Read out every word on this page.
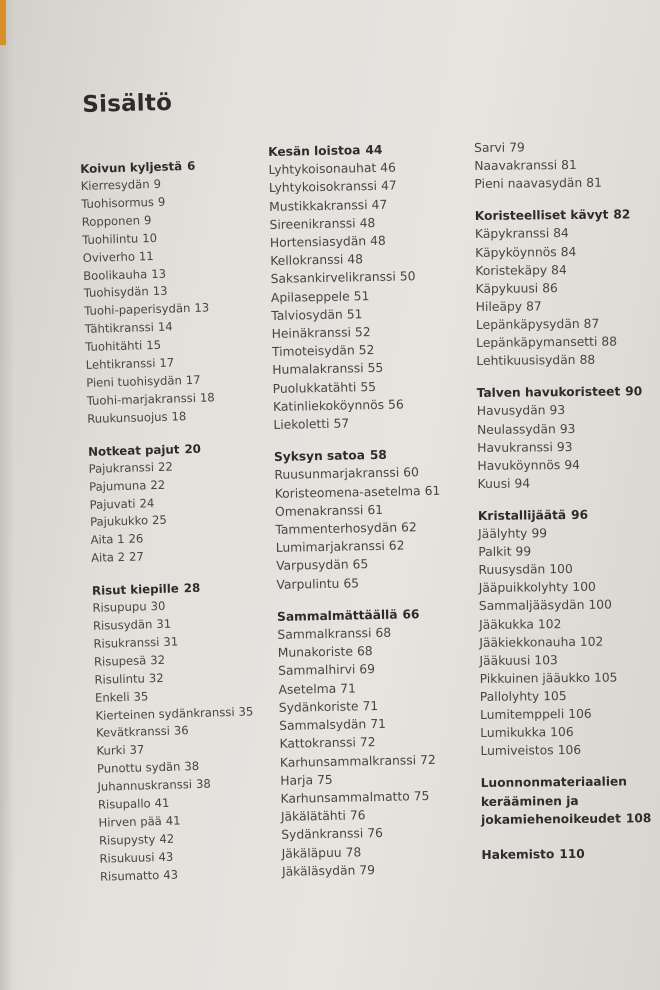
Sisältö
Koivun kyljestä 6
Kierresydän 9
Tuohisormus 9
Ropponen 9
Tuohilintu 10
Oviverho 11
Boolikauha 13
Tuohisydän 13
Tuohi-paperisydän 13
Tähtikranssi 14
Tuohitähti 15
Lehtikranssi 17
Pieni tuohisydän 17
Tuohi-marjakranssi 18
Ruukunsuojus 18
Notkeat pajut 20
Pajukranssi 22
Pajumuna 22
Pajuvati 24
Pajukukko 25
Aita 1 26
Aita 2 27
Risut kiepille 28
Risupupu 30
Risusydän 31
Risukranssi 31
Risupesä 32
Risulintu 32
Enkeli 35
Kierteinen sydänkranssi 35
Kevätkranssi 36
Kurki 37
Punottu sydän 38
Juhannuskranssi 38
Risupallo 41
Hirven pää 41
Risupysty 42
Risukuusi 43
Risumatto 43
Kesän loistoa 44
Lyhtykoisonauhat 46
Lyhtykoisokranssi 47
Mustikkakranssi 47
Sireenikranssi 48
Hortensiasydän 48
Kellokranssi 48
Saksankirvelikranssi 50
Apilaseppele 51
Talviosydän 51
Heinäkranssi 52
Timoteisydän 52
Humalakranssi 55
Puolukkatähti 55
Katinliekoköynnös 56
Liekoletti 57
Syksyn satoa 58
Ruusunmarjakranssi 60
Koristeomena-asetelma 61
Omenakranssi 61
Tammenterhosydän 62
Lumimarjakranssi 62
Varpusydän 65
Varpulintu 65
Sammalmättäällä 66
Sammalkranssi 68
Munakoriste 68
Sammalhirvi 69
Asetelma 71
Sydänkoriste 71
Sammalsydän 71
Kattokranssi 72
Karhunsammalkranssi 72
Harja 75
Karhunsammalmatto 75
Jäkälätähti 76
Sydänkranssi 76
Jäkäläpuu 78
Jäkäläsydän 79
Sarvi 79
Naavakranssi 81
Pieni naavasydän 81
Koristeelliset kävyt 82
Käpykranssi 84
Käpyköynnös 84
Koristekäpy 84
Käpykuusi 86
Hileäpy 87
Lepänkäpysydän 87
Lepänkäpymansetti 88
Lehtikuusisydän 88
Talven havukoristeet 90
Havusydän 93
Neulassydän 93
Havukranssi 93
Havuköynnös 94
Kuusi 94
Kristallijäätä 96
Jäälyhty 99
Palkit 99
Ruusysdän 100
Jääpuikkolyhty 100
Sammaljääsydän 100
Jääkukka 102
Jääkiekkonauha 102
Jääkuusi 103
Pikkuinen jääukko 105
Pallolyhty 105
Lumitemppeli 106
Lumikukka 106
Lumiveistos 106
Luonnonmateriaalien
kerääminen ja
jokamiehenoikeudet 108
Hakemisto 110
